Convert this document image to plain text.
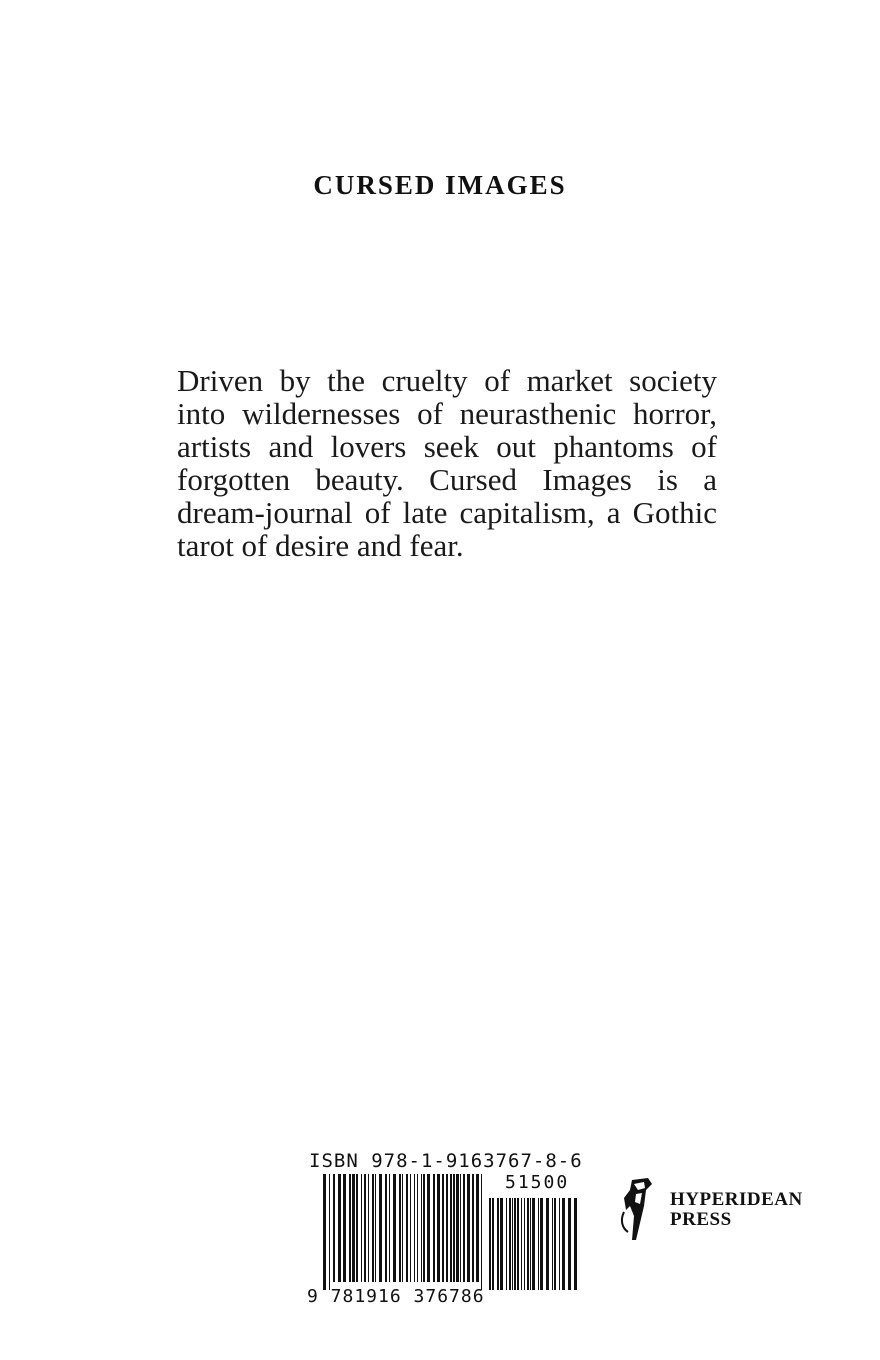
CURSED IMAGES

Driven by the cruelty of market society into wildernesses of neurasthenic horror, artists and lovers seek out phantoms of forgotten beauty. Cursed Images is a dream-journal of late capitalism, a Gothic tarot of desire and fear.

ISBN 978-1-9163767-8-6
51500
9 781916 376786
HYPERIDEAN
PRESS
